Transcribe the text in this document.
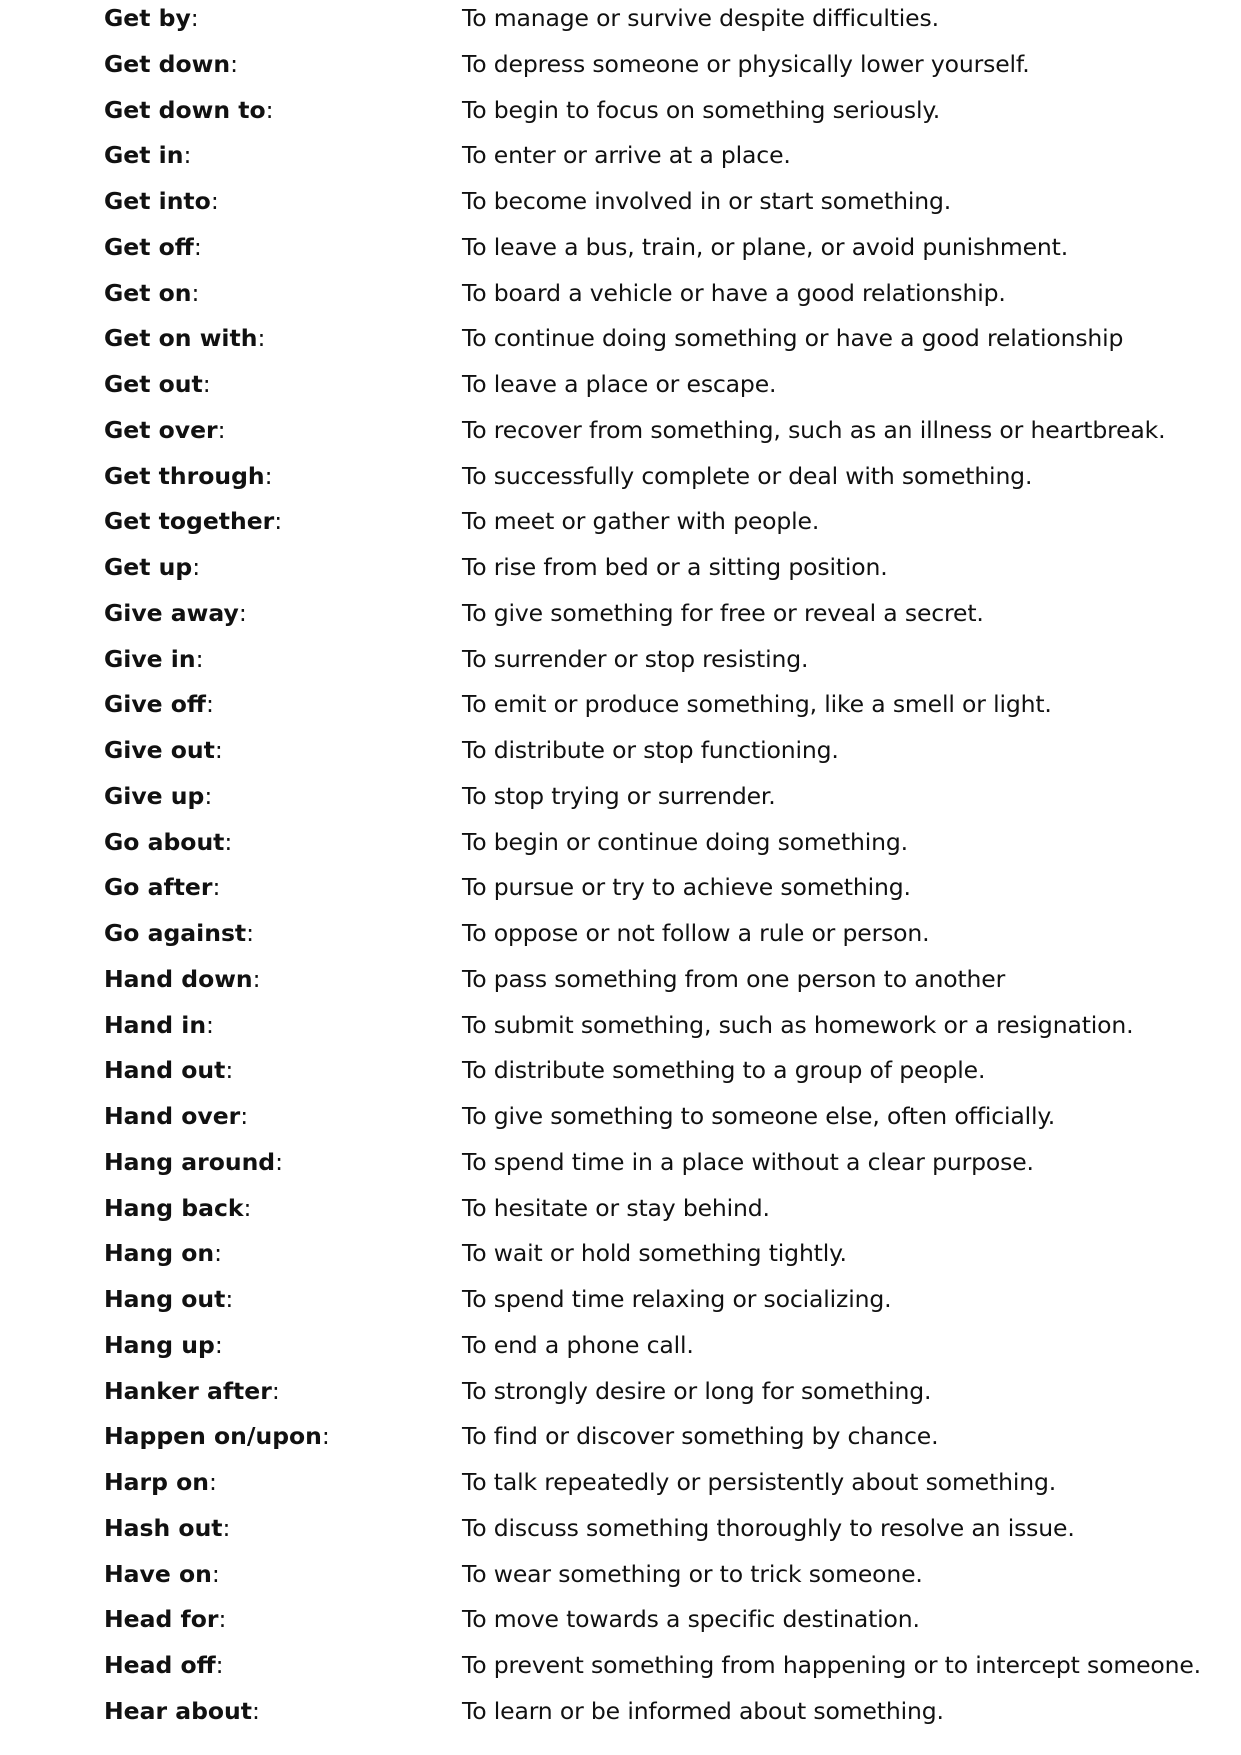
Get by:	To manage or survive despite difficulties.
Get down:	To depress someone or physically lower yourself.
Get down to:	To begin to focus on something seriously.
Get in:	To enter or arrive at a place.
Get into:	To become involved in or start something.
Get off:	To leave a bus, train, or plane, or avoid punishment.
Get on:	To board a vehicle or have a good relationship.
Get on with:	To continue doing something or have a good relationship
Get out:	To leave a place or escape.
Get over:	To recover from something, such as an illness or heartbreak.
Get through:	To successfully complete or deal with something.
Get together:	To meet or gather with people.
Get up:	To rise from bed or a sitting position.
Give away:	To give something for free or reveal a secret.
Give in:	To surrender or stop resisting.
Give off:	To emit or produce something, like a smell or light.
Give out:	To distribute or stop functioning.
Give up:	To stop trying or surrender.
Go about:	To begin or continue doing something.
Go after:	To pursue or try to achieve something.
Go against:	To oppose or not follow a rule or person.
Hand down:	To pass something from one person to another
Hand in:	To submit something, such as homework or a resignation.
Hand out:	To distribute something to a group of people.
Hand over:	To give something to someone else, often officially.
Hang around:	To spend time in a place without a clear purpose.
Hang back:	To hesitate or stay behind.
Hang on:	To wait or hold something tightly.
Hang out:	To spend time relaxing or socializing.
Hang up:	To end a phone call.
Hanker after:	To strongly desire or long for something.
Happen on/upon:	To find or discover something by chance.
Harp on:	To talk repeatedly or persistently about something.
Hash out:	To discuss something thoroughly to resolve an issue.
Have on:	To wear something or to trick someone.
Head for:	To move towards a specific destination.
Head off:	To prevent something from happening or to intercept someone.
Hear about:	To learn or be informed about something.
